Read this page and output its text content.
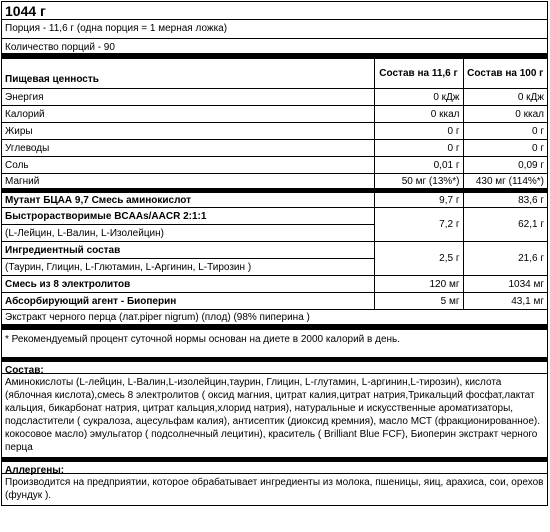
1044 г
Порция - 11,6 г (одна порция = 1 мерная ложка)
Количество порций - 90
Пищевая ценность	Состав на 11,6 г	Состав на 100 г
Энергия	0 кДж	0 кДж
Калорий	0 ккал	0 ккал
Жиры	0 г	0 г
Углеводы	0 г	0 г
Соль	0,01 г	0,09 г
Магний	50 мг (13%*)	430 мг (114%*)
Мутант БЦАА 9,7 Смесь аминокислот	9,7 г	83,6 г
Быстрорастворимые BCAAs/AACR 2:1:1	7,2 г	62,1 г
(L-Лейцин, L-Валин, L-Изолейцин)		
Ингредиентный состав	2,5 г	21,6 г
(Таурин, Глицин, L-Глютамин, L-Аргинин, L-Тирозин )		
Смесь из 8 электролитов	120 мг	1034 мг
Абсорбирующий агент - Биоперин	5 мг	43,1 мг
Экстракт черного перца (лат.piper nigrum) (плод) (98% пиперина )		
* Рекомендуемый процент суточной нормы основан на диете в 2000 калорий в день.
Состав:
Аминокислоты (L-лейцин, L-Валин,L-изолейцин,таурин, Глицин, L-глутамин, L-аргинин,L-тирозин), кислота (яблочная кислота),смесь 8 электролитов ( оксид магния, цитрат калия,цитрат натрия,Трикальций фосфат,лактат кальция, бикарбонат натрия, цитрат кальция,хлорид натрия), натуральные и искусственные ароматизаторы, подсластители ( сукралоза, ацесульфам калия), антисептик (диоксид кремния), масло МСТ (фракционированное). кокосовое масло) эмульгатор ( подсолнечный лецитин), краситель ( Brilliant Blue FCF), Биоперин экстракт черного перца
Аллергены:
Производится на предприятии, которое обрабатывает ингредиенты из молока, пшеницы, яиц, арахиса, сои, орехов (фундук ).
